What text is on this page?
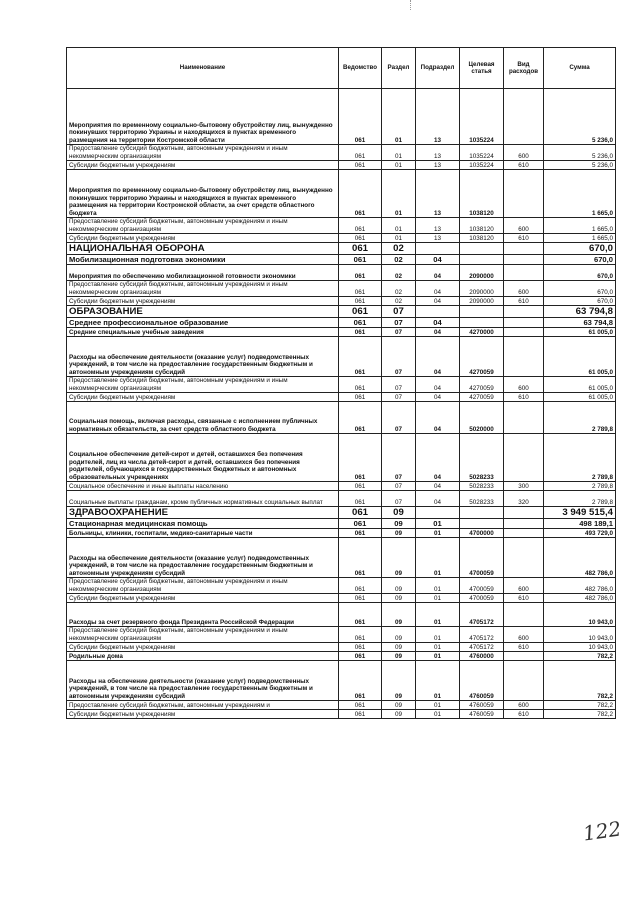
Наименование	Ведомство	Раздел	Подраздел	Целевая статья	Вид расходов	Сумма
Мероприятия по временному социально-бытовому обустройству лиц, вынужденно покинувших территорию Украины и находящихся в пунктах временного размещения на территории Костромской области	061	01	13	1035224		5 236,0
Предоставление субсидий бюджетным, автономным учреждениям и иным некоммерческим организациям	061	01	13	1035224	600	5 236,0
Субсидии бюджетным учреждениям	061	01	13	1035224	610	5 236,0
Мероприятия по временному социально-бытовому обустройству лиц, вынужденно покинувших территорию Украины и находящихся в пунктах временного размещения на территории Костромской области, за счет средств областного бюджета	061	01	13	1038120		1 665,0
Предоставление субсидий бюджетным, автономным учреждениям и иным некоммерческим организациям	061	01	13	1038120	600	1 665,0
Субсидии бюджетным учреждениям	061	01	13	1038120	610	1 665,0
НАЦИОНАЛЬНАЯ ОБОРОНА	061	02				670,0
Мобилизационная подготовка экономики	061	02	04			670,0
Мероприятия по обеспечению мобилизационной готовности экономики	061	02	04	2090000		670,0
Предоставление субсидий бюджетным, автономным учреждениям и иным некоммерческим организациям	061	02	04	2090000	600	670,0
Субсидии бюджетным учреждениям	061	02	04	2090000	610	670,0
ОБРАЗОВАНИЕ	061	07				63 794,8
Среднее профессиональное образование	061	07	04			63 794,8
Средние специальные учебные заведения	061	07	04	4270000		61 005,0
Расходы на обеспечение деятельности (оказание услуг) подведомственных учреждений, в том числе на предоставление государственным бюджетным и автономным учреждениям субсидий	061	07	04	4270059		61 005,0
Предоставление субсидий бюджетным, автономным учреждениям и иным некоммерческим организациям	061	07	04	4270059	600	61 005,0
Субсидии бюджетным учреждениям	061	07	04	4270059	610	61 005,0
Социальная помощь, включая расходы, связанные с исполнением публичных нормативных обязательств, за счет средств областного бюджета	061	07	04	5020000		2 789,8
Социальное обеспечение детей-сирот и детей, оставшихся без попечения родителей, лиц из числа детей-сирот и детей, оставшихся без попечения родителей, обучающихся в государственных бюджетных и автономных образовательных учреждениях	061	07	04	5028233		2 789,8
Социальное обеспечение и иные выплаты населению	061	07	04	5028233	300	2 789,8
Социальные выплаты гражданам, кроме публичных нормативных социальных выплат	061	07	04	5028233	320	2 789,8
ЗДРАВООХРАНЕНИЕ	061	09				3 949 515,4
Стационарная медицинская помощь	061	09	01			498 189,1
Больницы, клиники, госпитали, медико-санитарные части	061	09	01	4700000		493 729,0
Расходы на обеспечение деятельности (оказание услуг) подведомственных учреждений, в том числе на предоставление государственным бюджетным и автономным учреждениям субсидий	061	09	01	4700059		482 786,0
Предоставление субсидий бюджетным, автономным учреждениям и иным некоммерческим организациям	061	09	01	4700059	600	482 786,0
Субсидии бюджетным учреждениям	061	09	01	4700059	610	482 786,0
Расходы за счет резервного фонда Президента Российской Федерации	061	09	01	4705172		10 943,0
Предоставление субсидий бюджетным, автономным учреждениям и иным некоммерческим организациям	061	09	01	4705172	600	10 943,0
Субсидии бюджетным учреждениям	061	09	01	4705172	610	10 943,0
Родильные дома	061	09	01	4760000		782,2
Расходы на обеспечение деятельности (оказание услуг) подведомственных учреждений, в том числе на предоставление государственным бюджетным и автономным учреждениям субсидий	061	09	01	4760059		782,2
Предоставление субсидий бюджетным, автономным учреждениям и	061	09	01	4760059	600	782,2
Субсидии бюджетным учреждениям	061	09	01	4760059	610	782,2
122
